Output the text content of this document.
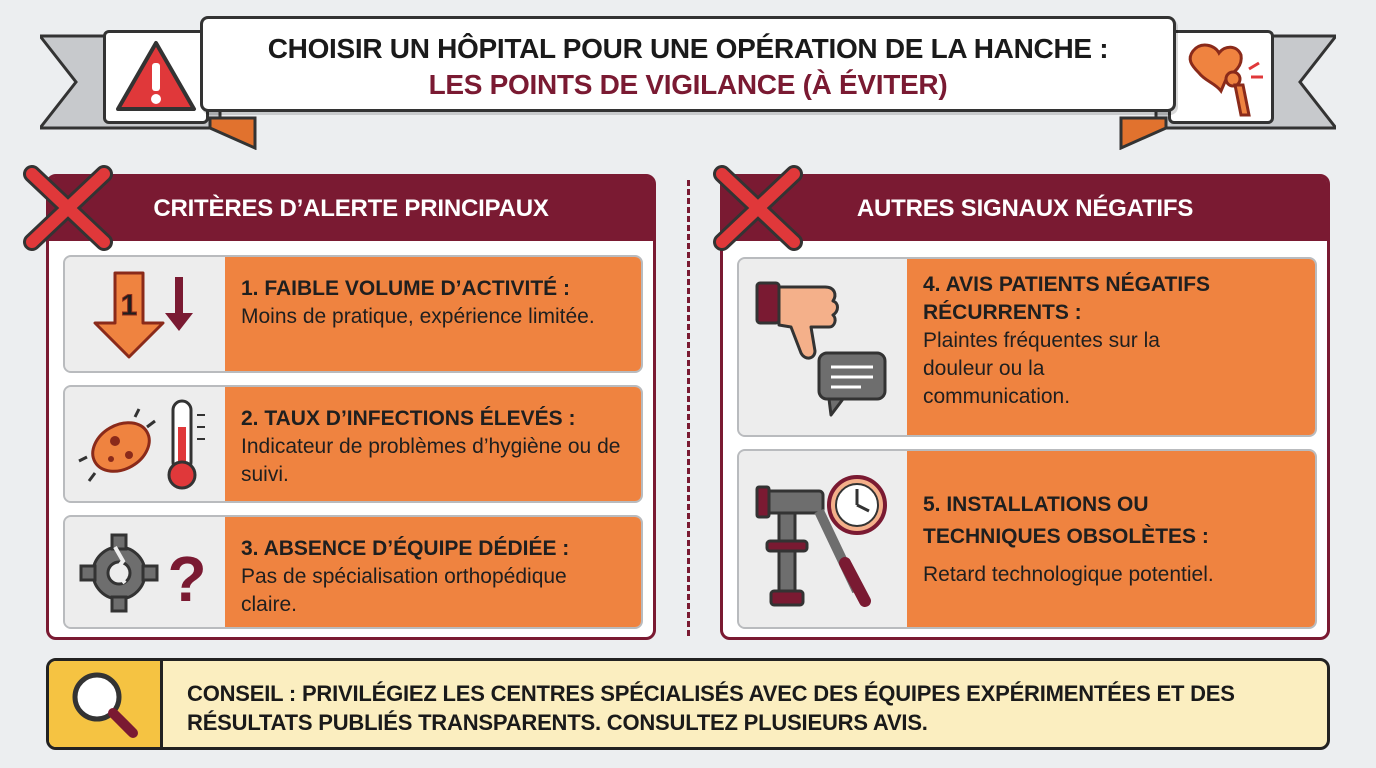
CHOISIR UN HÔPITAL POUR UNE OPÉRATION DE LA HANCHE :
LES POINTS DE VIGILANCE (À ÉVITER)
CRITÈRES D’ALERTE PRINCIPAUX
1
1. FAIBLE VOLUME D’ACTIVITÉ :
Moins de pratique, expérience limitée.
2. TAUX D’INFECTIONS ÉLEVÉS :
Indicateur de problèmes d’hygiène ou de suivi.
? 3. ABSENCE D’ÉQUIPE DÉDIÉE :
Pas de spécialisation orthopédique claire.
AUTRES SIGNAUX NÉGATIFS
4. AVIS PATIENTS NÉGATIFS RÉCURRENTS :
Plaintes fréquentes sur la douleur ou la communication.
5. INSTALLATIONS OU TECHNIQUES OBSOLÈTES :
Retard technologique potentiel.
CONSEIL : PRIVILÉGIEZ LES CENTRES SPÉCIALISÉS AVEC DES ÉQUIPES EXPÉRIMENTÉES ET DES RÉSULTATS PUBLIÉS TRANSPARENTS. CONSULTEZ PLUSIEURS AVIS.
